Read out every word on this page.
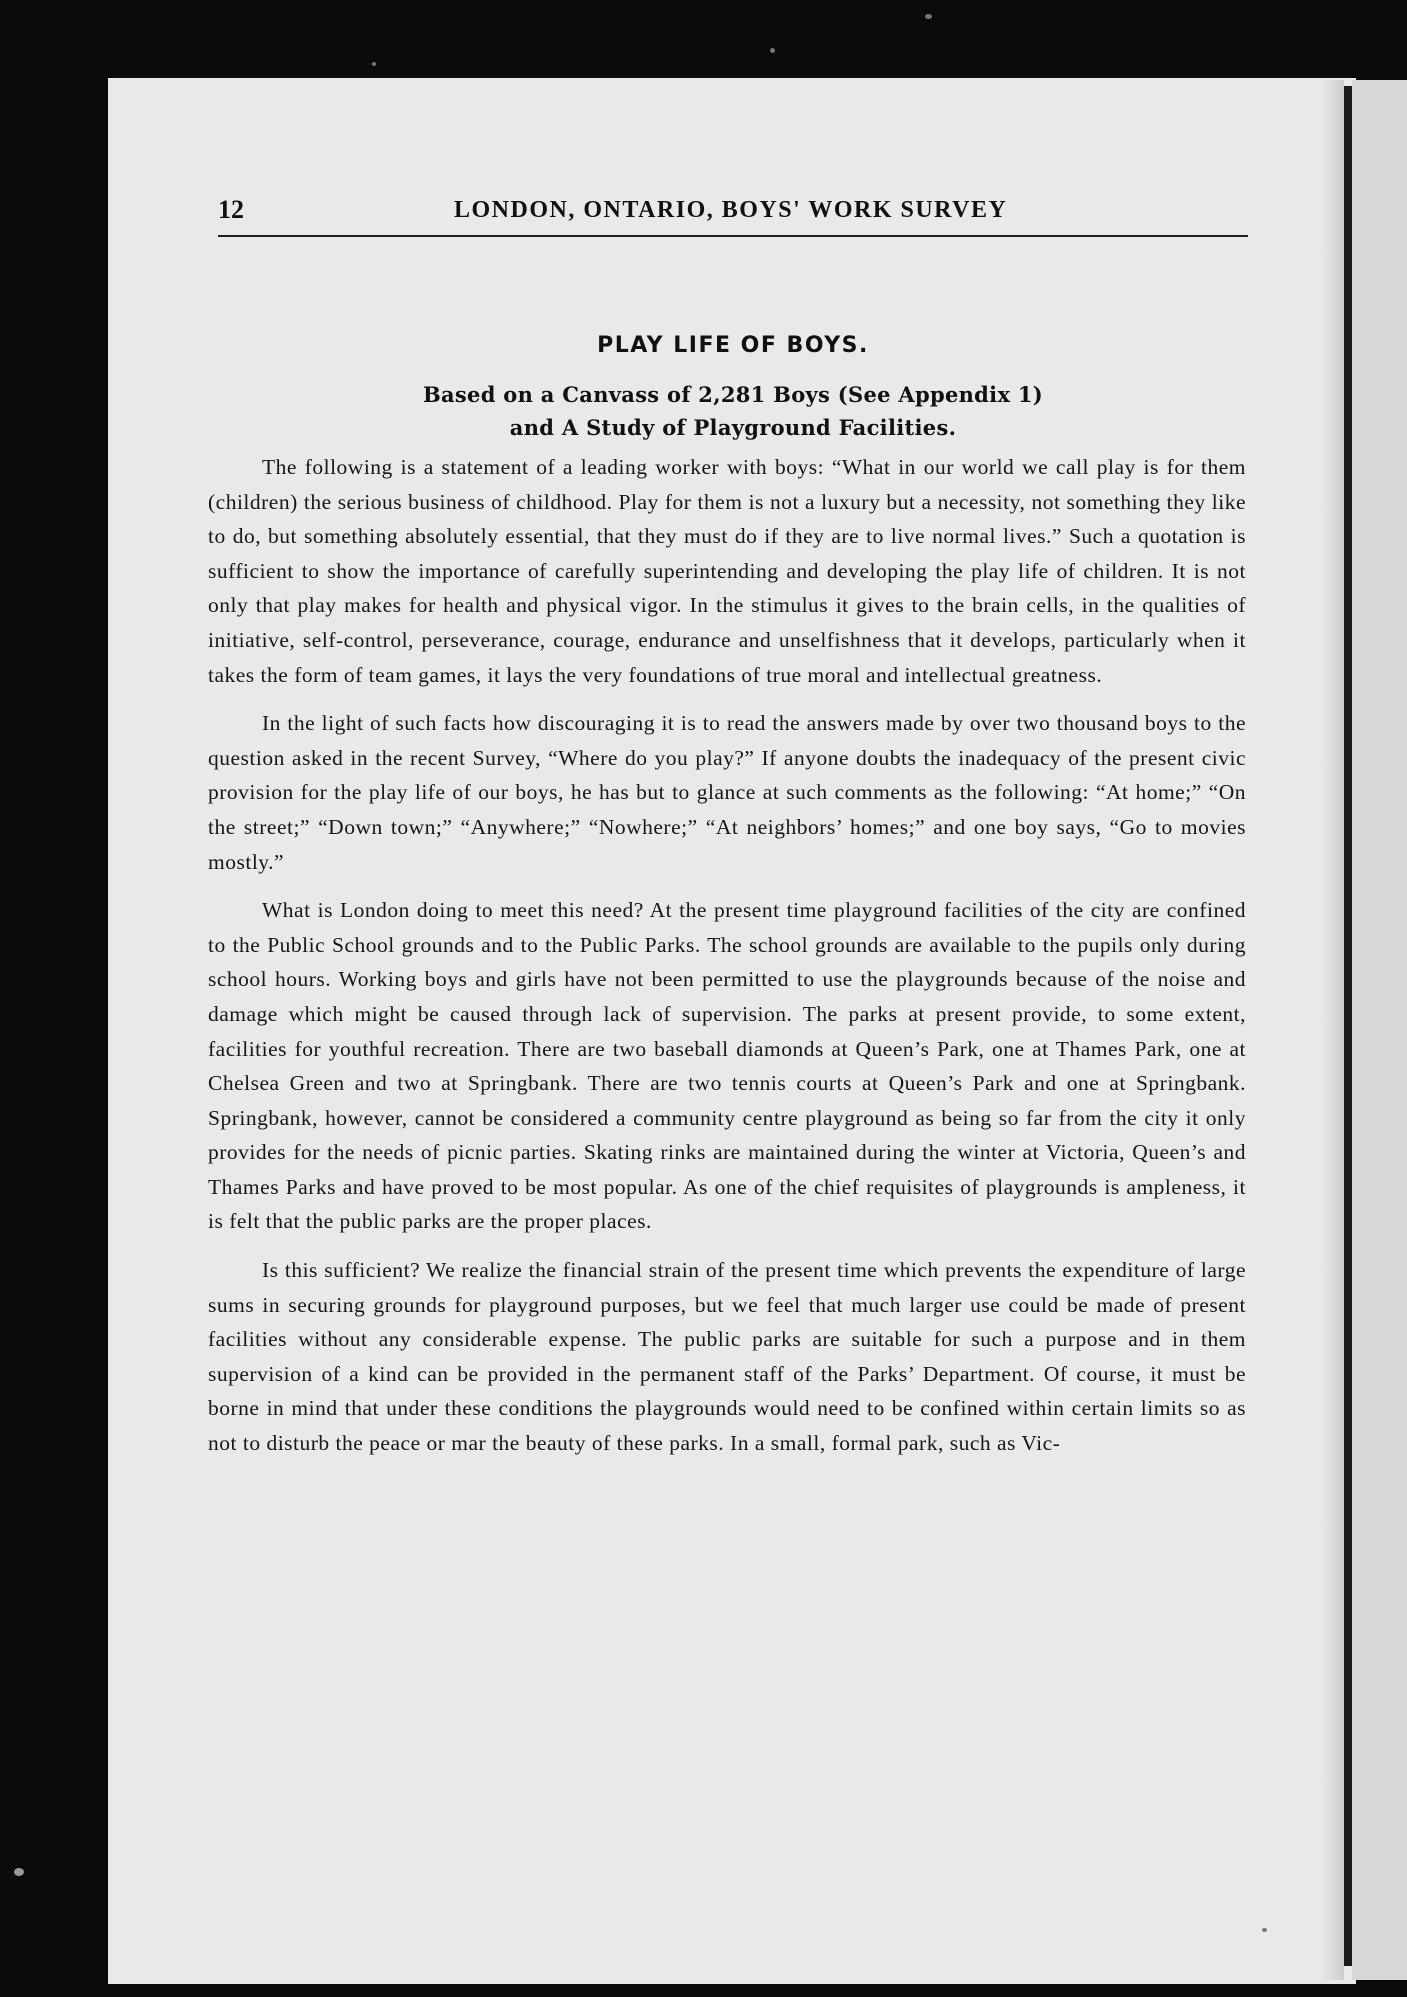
12	LONDON, ONTARIO, BOYS' WORK SURVEY
PLAY LIFE OF BOYS.
Based on a Canvass of 2,281 Boys (See Appendix 1)
and A Study of Playground Facilities.

The following is a statement of a leading worker with boys: “What in our world we call play is for them (children) the serious business of childhood. Play for them is not a luxury but a necessity, not something they like to do, but something absolutely essential, that they must do if they are to live normal lives.” Such a quotation is sufficient to show the importance of carefully superintending and developing the play life of children. It is not only that play makes for health and physical vigor. In the stimulus it gives to the brain cells, in the qualities of initiative, self-control, perseverance, courage, endurance and unselfishness that it develops, particularly when it takes the form of team games, it lays the very foundations of true moral and intellectual greatness.

In the light of such facts how discouraging it is to read the answers made by over two thousand boys to the question asked in the recent Survey, “Where do you play?” If anyone doubts the inadequacy of the present civic provision for the play life of our boys, he has but to glance at such comments as the following: “At home;” “On the street;” “Down town;” “Anywhere;” “Nowhere;” “At neighbors’ homes;” and one boy says, “Go to movies mostly.”

What is London doing to meet this need? At the present time playground facilities of the city are confined to the Public School grounds and to the Public Parks. The school grounds are available to the pupils only during school hours. Working boys and girls have not been permitted to use the playgrounds because of the noise and damage which might be caused through lack of supervision. The parks at present provide, to some extent, facilities for youthful recreation. There are two baseball diamonds at Queen’s Park, one at Thames Park, one at Chelsea Green and two at Springbank. There are two tennis courts at Queen’s Park and one at Springbank. Springbank, however, cannot be considered a community centre playground as being so far from the city it only provides for the needs of picnic parties. Skating rinks are maintained during the winter at Victoria, Queen’s and Thames Parks and have proved to be most popular. As one of the chief requisites of playgrounds is ampleness, it is felt that the public parks are the proper places.

Is this sufficient? We realize the financial strain of the present time which prevents the expenditure of large sums in securing grounds for playground purposes, but we feel that much larger use could be made of present facilities without any considerable expense. The public parks are suitable for such a purpose and in them supervision of a kind can be provided in the permanent staff of the Parks’ Department. Of course, it must be borne in mind that under these conditions the playgrounds would need to be confined within certain limits so as not to disturb the peace or mar the beauty of these parks. In a small, formal park, such as Vic-
